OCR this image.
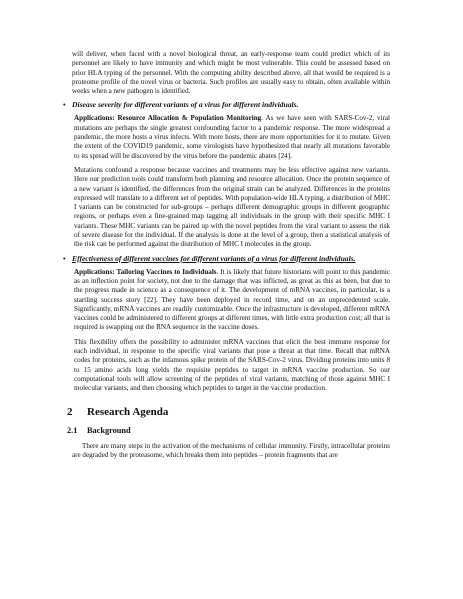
will deliver, when faced with a novel biological threat, an early-response team could predict which of its personnel are likely to have immunity and which might be most vulnerable. This could be assessed based on prior HLA typing of the personnel. With the computing ability described above, all that would be required is a proteome profile of the novel virus or bacteria. Such profiles are usually easy to obtain, often available within weeks when a new pathogen is identified.

• Disease severity for different variants of a virus for different individuals.

Applications: Resource Allocation & Population Monitoring. As we have seen with SARS-Cov-2, viral mutations are perhaps the single greatest confounding factor to a pandemic response. The more widespread a pandemic, the more hosts a virus infects. With more hosts, there are more opportunities for it to mutate. Given the extent of the COVID19 pandemic, some virologists have hypothesized that nearly all mutations favorable to its spread will be discovered by the virus before the pandemic abates [24].

Mutations confound a response because vaccines and treatments may be less effective against new variants. Here our prediction tools could transform both planning and resource allocation. Once the protein sequence of a new variant is identified, the differences from the original strain can be analyzed. Differences in the proteins expressed will translate to a different set of peptides. With population-wide HLA typing, a distribution of MHC I variants can be constructed for sub-groups – perhaps different demographic groups in different geographic regions, or perhaps even a fine-grained map tagging all individuals in the group with their specific MHC I variants. These MHC variants can be paired up with the novel peptides from the viral variant to assess the risk of severe disease for the individual. If the analysis is done at the level of a group, then a statistical analysis of the risk can be performed against the distribution of MHC I molecules in the group.

• Effectiveness of different vaccines for different variants of a virus for different individuals.

Applications: Tailoring Vaccines to Individuals. It is likely that future historians will point to this pandemic as an inflection point for society, not due to the damage that was inflicted, as great as this as been, but due to the progress made in science as a consequence of it. The development of mRNA vaccines, in particular, is a startling success story [22]. They have been deployed in record time, and on an unprecedented scale. Significantly, mRNA vaccines are readily customizable. Once the infrastructure is developed, different mRNA vaccines could be administered to different groups at different times, with little extra production cost; all that is required is swapping out the RNA sequence in the vaccine doses.

This flexibility offers the possibility to administer mRNA vaccines that elicit the best immune response for each individual, in response to the specific viral variants that pose a threat at that time. Recall that mRNA codes for proteins, such as the infamous spike protein of the SARS-Cov-2 virus. Dividing proteins into units 8 to 15 amino acids long yields the requisite peptides to target in mRNA vaccine production. So our computational tools will allow screening of the peptides of viral variants, matching of those against MHC I molecular variants, and then choosing which peptides to target in the vaccine production.

2 Research Agenda
2.1 Background

There are many steps in the activation of the mechanisms of cellular immunity. Firstly, intracellular proteins are degraded by the proteasome, which breaks them into peptides – protein fragments that are
